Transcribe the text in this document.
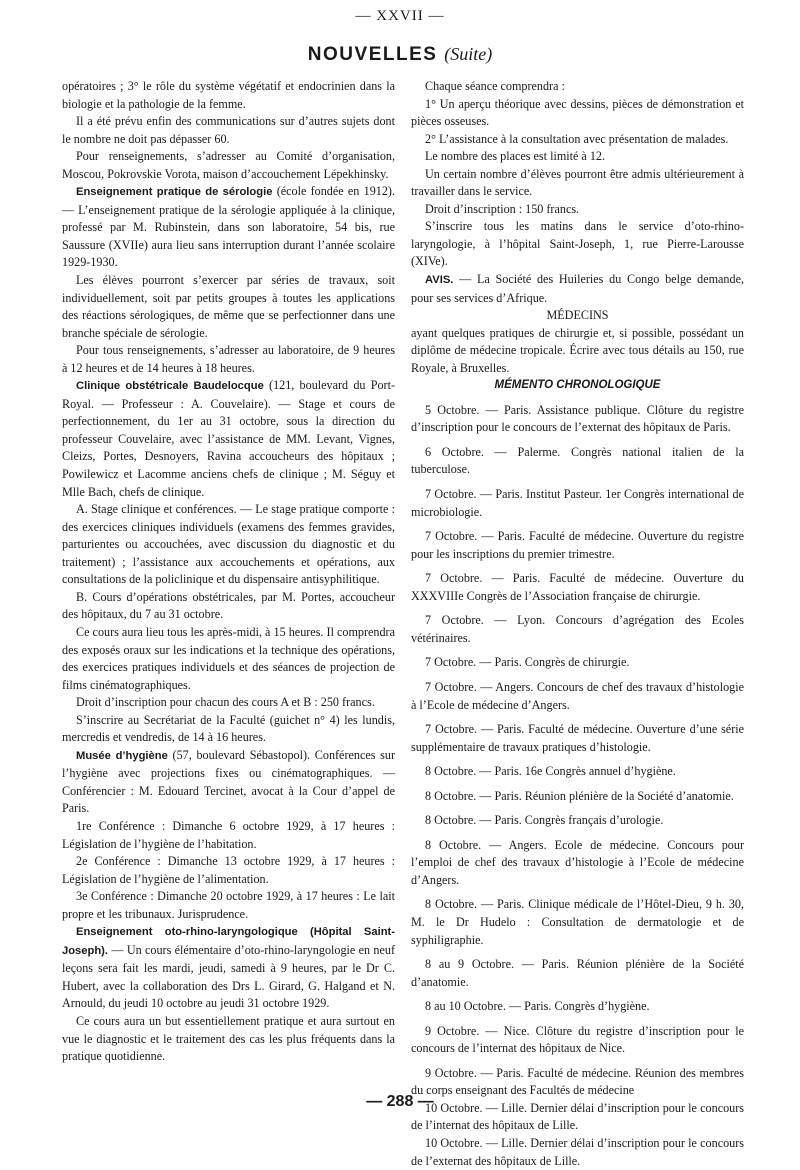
— XXVII —
NOUVELLES (Suite)

opératoires ; 3° le rôle du système végétatif et endocrinien dans la biologie et la pathologie de la femme.

Il a été prévu enfin des communications sur d’autres sujets dont le nombre ne doit pas dépasser 60.

Pour renseignements, s’adresser au Comité d’organisation, Moscou, Pokrovskie Vorota, maison d’accouchement Lépekhinsky.

Enseignement pratique de sérologie (école fondée en 1912). — L’enseignement pratique de la sérologie appliquée à la clinique, professé par M. Rubinstein, dans son laboratoire, 54 bis, rue Saussure (XVIIe) aura lieu sans interruption durant l’année scolaire 1929-1930.

Les élèves pourront s’exercer par séries de travaux, soit individuellement, soit par petits groupes à toutes les applications des réactions sérologiques, de même que se perfectionner dans une branche spéciale de sérologie.

Pour tous renseignements, s’adresser au laboratoire, de 9 heures à 12 heures et de 14 heures à 18 heures.

Clinique obstétricale Baudelocque (121, boulevard du Port-Royal. — Professeur : A. Couvelaire). — Stage et cours de perfectionnement, du 1er au 31 octobre, sous la direction du professeur Couvelaire, avec l’assistance de MM. Levant, Vignes, Cleizs, Portes, Desnoyers, Ravina accoucheurs des hôpitaux ; Powilewicz et Lacomme anciens chefs de clinique ; M. Séguy et Mlle Bach, chefs de clinique.

A. Stage clinique et conférences. — Le stage pratique comporte : des exercices cliniques individuels (examens des femmes gravides, parturientes ou accouchées, avec discussion du diagnostic et du traitement) ; l’assistance aux accouchements et opérations, aux consultations de la policlinique et du dispensaire antisyphilitique.

B. Cours d’opérations obstétricales, par M. Portes, accoucheur des hôpitaux, du 7 au 31 octobre.

Ce cours aura lieu tous les après-midi, à 15 heures. Il comprendra des exposés oraux sur les indications et la technique des opérations, des exercices pratiques individuels et des séances de projection de films cinématographiques.

Droit d’inscription pour chacun des cours A et B : 250 francs.

S’inscrire au Secrétariat de la Faculté (guichet n° 4) les lundis, mercredis et vendredis, de 14 à 16 heures.

Musée d’hygiène (57, boulevard Sébastopol). Conférences sur l’hygiène avec projections fixes ou cinématographiques. — Conférencier : M. Edouard Tercinet, avocat à la Cour d’appel de Paris.

1re Conférence : Dimanche 6 octobre 1929, à 17 heures : Législation de l’hygiène de l’habitation.

2e Conférence : Dimanche 13 octobre 1929, à 17 heures : Législation de l’hygiène de l’alimentation.

3e Conférence : Dimanche 20 octobre 1929, à 17 heures : Le lait propre et les tribunaux. Jurisprudence.

Enseignement oto-rhino-laryngologique (Hôpital Saint-Joseph). — Un cours élémentaire d’oto-rhino-laryngologie en neuf leçons sera fait les mardi, jeudi, samedi à 9 heures, par le Dr C. Hubert, avec la collaboration des Drs L. Girard, G. Halgand et N. Arnould, du jeudi 10 octobre au jeudi 31 octobre 1929.

Ce cours aura un but essentiellement pratique et aura surtout en vue le diagnostic et le traitement des cas les plus fréquents dans la pratique quotidienne.

Chaque séance comprendra :

1° Un aperçu théorique avec dessins, pièces de démonstration et pièces osseuses.

2° L’assistance à la consultation avec présentation de malades.

Le nombre des places est limité à 12.

Un certain nombre d’élèves pourront être admis ultérieurement à travailler dans le service.

Droit d’inscription : 150 francs.

S’inscrire tous les matins dans le service d’oto-rhino-laryngologie, à l’hôpital Saint-Joseph, 1, rue Pierre-Larousse (XIVe).

AVIS. — La Société des Huileries du Congo belge demande, pour ses services d’Afrique.

MÉDECINS

ayant quelques pratiques de chirurgie et, si possible, possédant un diplôme de médecine tropicale. Écrire avec tous détails au 150, rue Royale, à Bruxelles.

MÉMENTO CHRONOLOGIQUE

5 Octobre. — Paris. Assistance publique. Clôture du registre d’inscription pour le concours de l’externat des hôpitaux de Paris.

6 Octobre. — Palerme. Congrès national italien de la tuberculose.

7 Octobre. — Paris. Institut Pasteur. 1er Congrès international de microbiologie.

7 Octobre. — Paris. Faculté de médecine. Ouverture du registre pour les inscriptions du premier trimestre.

7 Octobre. — Paris. Faculté de médecine. Ouverture du XXXVIIIe Congrès de l’Association française de chirurgie.

7 Octobre. — Lyon. Concours d’agrégation des Ecoles vétérinaires.

7 Octobre. — Paris. Congrès de chirurgie.

7 Octobre. — Angers. Concours de chef des travaux d’histologie à l’Ecole de médecine d’Angers.

7 Octobre. — Paris. Faculté de médecine. Ouverture d’une série supplémentaire de travaux pratiques d’histologie.

8 Octobre. — Paris. 16e Congrès annuel d’hygiène.

8 Octobre. — Paris. Réunion plénière de la Société d’anatomie.

8 Octobre. — Paris. Congrès français d’urologie.

8 Octobre. — Angers. Ecole de médecine. Concours pour l’emploi de chef des travaux d’histologie à l’Ecole de médecine d’Angers.

8 Octobre. — Paris. Clinique médicale de l’Hôtel-Dieu, 9 h. 30, M. le Dr Hudelo : Consultation de dermatologie et de syphiligraphie.

8 au 9 Octobre. — Paris. Réunion plénière de la Société d’anatomie.

8 au 10 Octobre. — Paris. Congrès d’hygiène.

9 Octobre. — Nice. Clôture du registre d’inscription pour le concours de l’internat des hôpitaux de Nice.

9 Octobre. — Paris. Faculté de médecine. Réunion des membres du corps enseignant des Facultés de médecine

10 Octobre. — Lille. Dernier délai d’inscription pour le concours de l’internat des hôpitaux de Lille.

10 Octobre. — Lille. Dernier délai d’inscription pour le concours de l’externat des hôpitaux de Lille.

— 288 —
